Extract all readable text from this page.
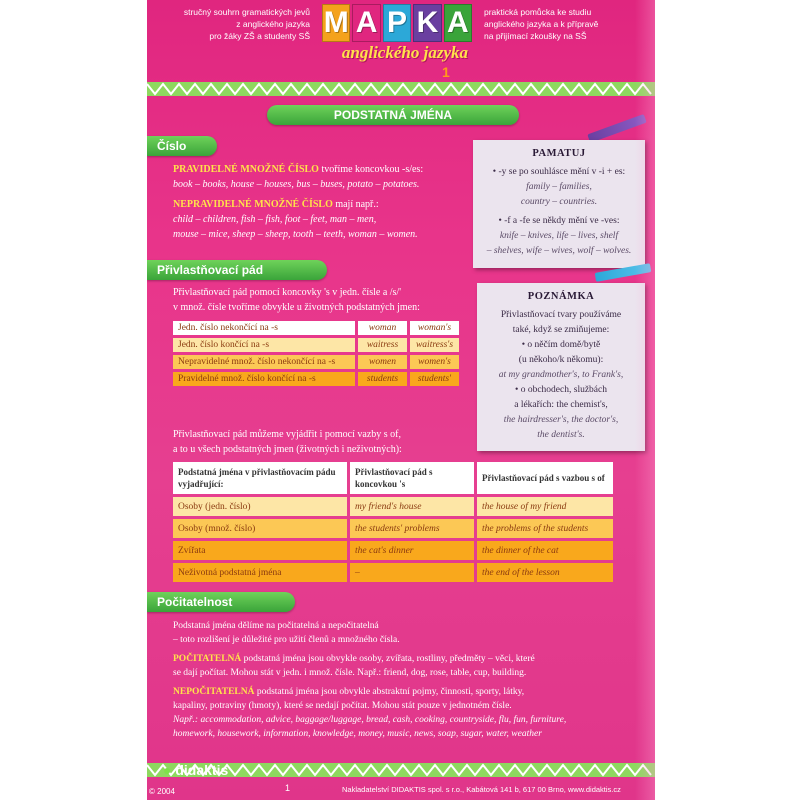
stručný souhrn gramatických jevů
z anglického jazyka
pro žáky ZŠ a studenty SŠ M A P K A
anglického jazyka
1
praktická pomůcka ke studiu
anglického jazyka a k přípravě
na přijímací zkoušky na SŠ
PODSTATNÁ JMÉNA
Číslo
PRAVIDELNÉ MNOŽNÉ ČÍSLO tvoříme koncovkou -s/es:
book – books, house – houses, bus – buses, potato – potatoes.
NEPRAVIDELNÉ MNOŽNÉ ČÍSLO mají např.:
child – children, fish – fish, foot – feet, man – men,
mouse – mice, sheep – sheep, tooth – teeth, woman – women.
PAMATUJ
• -y se po souhlásce mění v -i + es:
family – families,
country – countries.
• -f a -fe se někdy mění ve -ves:
knife – knives, life – lives, shelf
– shelves, wife – wives, wolf – wolves.
Přivlastňovací pád
Přivlastňovací pád pomocí koncovky 's v jedn. čísle a /s/'
v množ. čísle tvoříme obvykle u životných podstatných jmen:
Jedn. číslo nekončící na -s	woman	woman's
Jedn. číslo končící na -s	waitress	waitress's
Nepravidelné množ. číslo nekončící na -s	women	women's
Pravidelné množ. číslo končící na -s	students	students'
POZNÁMKA
Přivlastňovací tvary používáme
také, když se zmiňujeme:
• o něčím domě/bytě
(u někoho/k někomu):
at my grandmother's, to Frank's,
• o obchodech, službách
a lékařích: the chemist's,
the hairdresser's, the doctor's,
the dentist's.
Přivlastňovací pád můžeme vyjádřit i pomocí vazby s of,
a to u všech podstatných jmen (životných i neživotných):
Podstatná jména v přivlastňovacím pádu vyjadřující:	Přivlastňovací pád s koncovkou 's	Přivlastňovací pád s vazbou s of
Osoby (jedn. číslo)	my friend's house	the house of my friend
Osoby (množ. číslo)	the students' problems	the problems of the students
Zvířata	the cat's dinner	the dinner of the cat
Neživotná podstatná jména	–	the end of the lesson
Počitatelnost
Podstatná jména dělíme na počitatelná a nepočitatelná
– toto rozlišení je důležité pro užití členů a množného čísla.
POČITATELNÁ podstatná jména jsou obvykle osoby, zvířata, rostliny, předměty – věci, které
se dají počítat. Mohou stát v jedn. i množ. čísle. Např.: friend, dog, rose, table, cup, building.
NEPOČITATELNÁ podstatná jména jsou obvykle abstraktní pojmy, činnosti, sporty, látky,
kapaliny, potraviny (hmoty), které se nedají počítat. Mohou stát pouze v jednotném čísle.
Např.: accommodation, advice, baggage/luggage, bread, cash, cooking, countryside, flu, fun, furniture,
homework, housework, information, knowledge, money, music, news, soap, sugar, water, weather
● didaktis
© 2004	1	Nakladatelství DIDAKTIS spol. s r.o., Kabátová 141 b, 617 00 Brno, www.didaktis.cz
